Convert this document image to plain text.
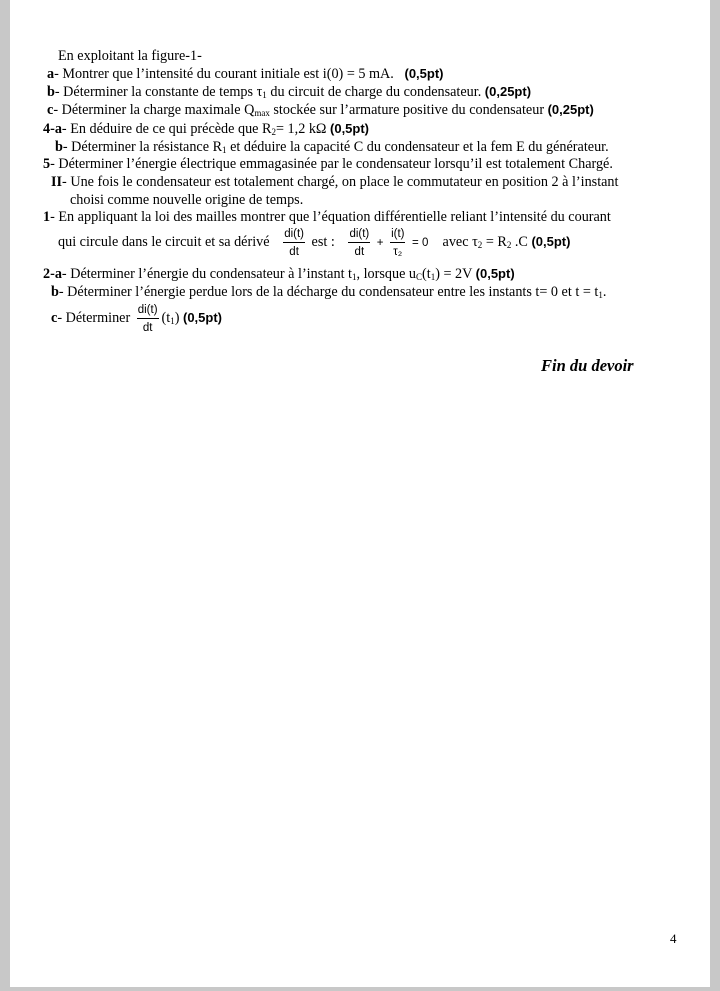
En exploitant la figure-1-
a- Montrer que l’intensité du courant initiale est i(0) = 5 mA. (0,5pt)
b- Déterminer la constante de temps $\tau_1$ du circuit de charge du condensateur. (0,25pt)
c- Déterminer la charge maximale $Q_{max}$ stockée sur l’armature positive du condensateur (0,25pt)
4-a- En déduire de ce qui précède que $R_2= 1,2$ kΩ (0,5pt)
b- Déterminer la résistance $R_1$ et déduire la capacité C du condensateur et la fem E du générateur.
5- Déterminer l’énergie électrique emmagasinée par le condensateur lorsqu’il est totalement Chargé.
II- Une fois le condensateur est totalement chargé, on place le commutateur en position 2 à l’instant
choisi comme nouvelle origine de temps.
1- En appliquant la loi des mailles montrer que l’équation différentielle reliant l’intensité du courant
qui circule dans le circuit et sa dérivé $\frac{di(t)}{dt}$ est : $\frac{di(t)}{dt} + \frac{i(t)}{\text{τ₂}} = 0$ avec $\tau_2 = R_2$ .C (0,5pt)
2-a- Déterminer l’énergie du condensateur à l’instant $t_1$, lorsque $u_C(t_1) = 2V$ (0,5pt)
b- Déterminer l’énergie perdue lors de la décharge du condensateur entre les instants t= 0 et $t = t_1$.
c- Déterminer $\frac{di(t)}{dt} (t_1)$ (0,5pt)
Fin du devoir
4
